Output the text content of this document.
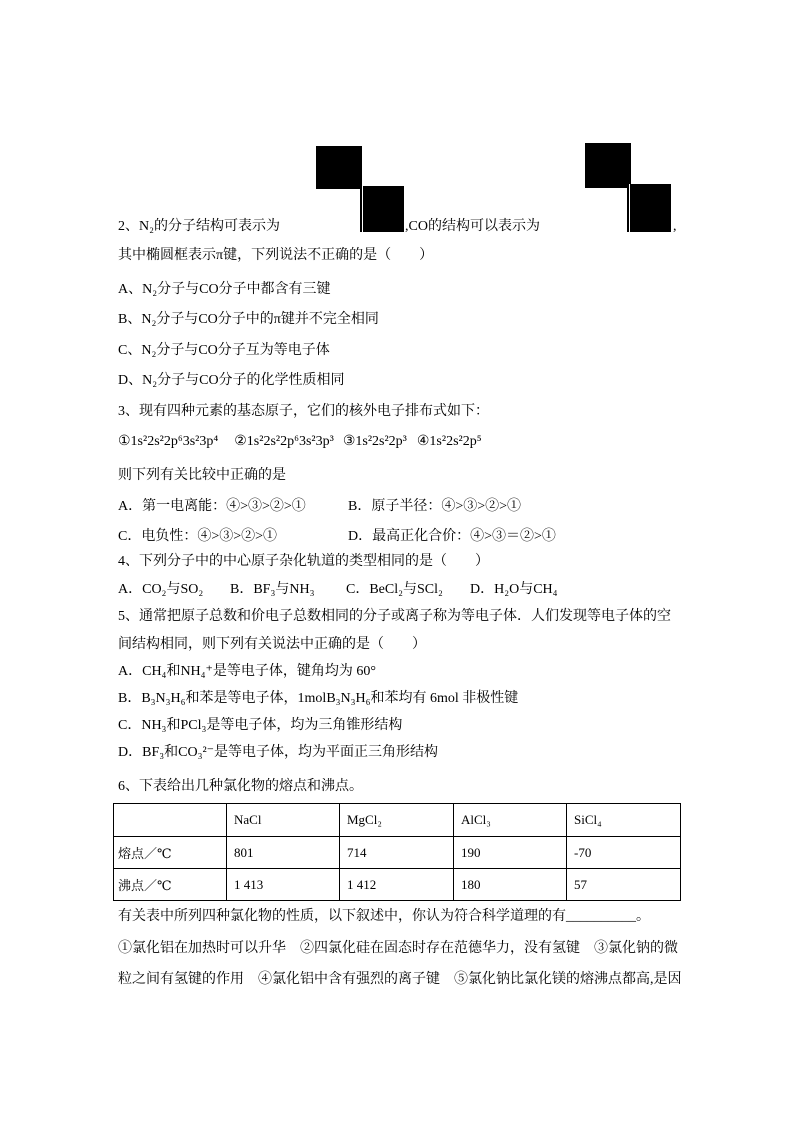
2、N₂的分子结构可表示为	,CO的结构可以表示为	,
其中椭圆框表示π键，下列说法不正确的是（　　）
A、N₂分子与CO分子中都含有三键
B、N₂分子与CO分子中的π键并不完全相同
C、N₂分子与CO分子互为等电子体
D、N₂分子与CO分子的化学性质相同
3、现有四种元素的基态原子，它们的核外电子排布式如下：
①1s²2s²2p⁶3s²3p⁴ ②1s²2s²2p⁶3s²3p³ ③1s²2s²2p³ ④1s²2s²2p⁵
则下列有关比较中正确的是
A．第一电离能：④>③>②>①	B．原子半径：④>③>②>①
C．电负性：④>③>②>①	D．最高正化合价：④>③＝②>①
4、下列分子中的中心原子杂化轨道的类型相同的是（　　）
A．CO₂与SO₂ B．BF₃与NH₃ C．BeCl₂与SCl₂ D．H₂O与CH₄
5、通常把原子总数和价电子总数相同的分子或离子称为等电子体．人们发现等电子体的空
间结构相同，则下列有关说法中正确的是（　　）
A．CH₄和NH₄⁺是等电子体，键角均为 60°
B．B₃N₃H₆和苯是等电子体，1molB₃N₃H₆和苯均有 6mol 非极性键
C．NH₃和PCl₃是等电子体，均为三角锥形结构
D．BF₃和CO₃²⁻是等电子体，均为平面正三角形结构
6、下表给出几种氯化物的熔点和沸点。
	NaCl	MgCl₂	AlCl₃	SiCl₄
熔点／℃	801	714	190	-70
沸点／℃	1 413	1 412	180	57
有关表中所列四种氯化物的性质，以下叙述中，你认为符合科学道理的有__________。
①氯化铝在加热时可以升华　②四氯化硅在固态时存在范德华力，没有氢键　③氯化钠的微
粒之间有氢键的作用　④氯化铝中含有强烈的离子键　⑤氯化钠比氯化镁的熔沸点都高,是因
